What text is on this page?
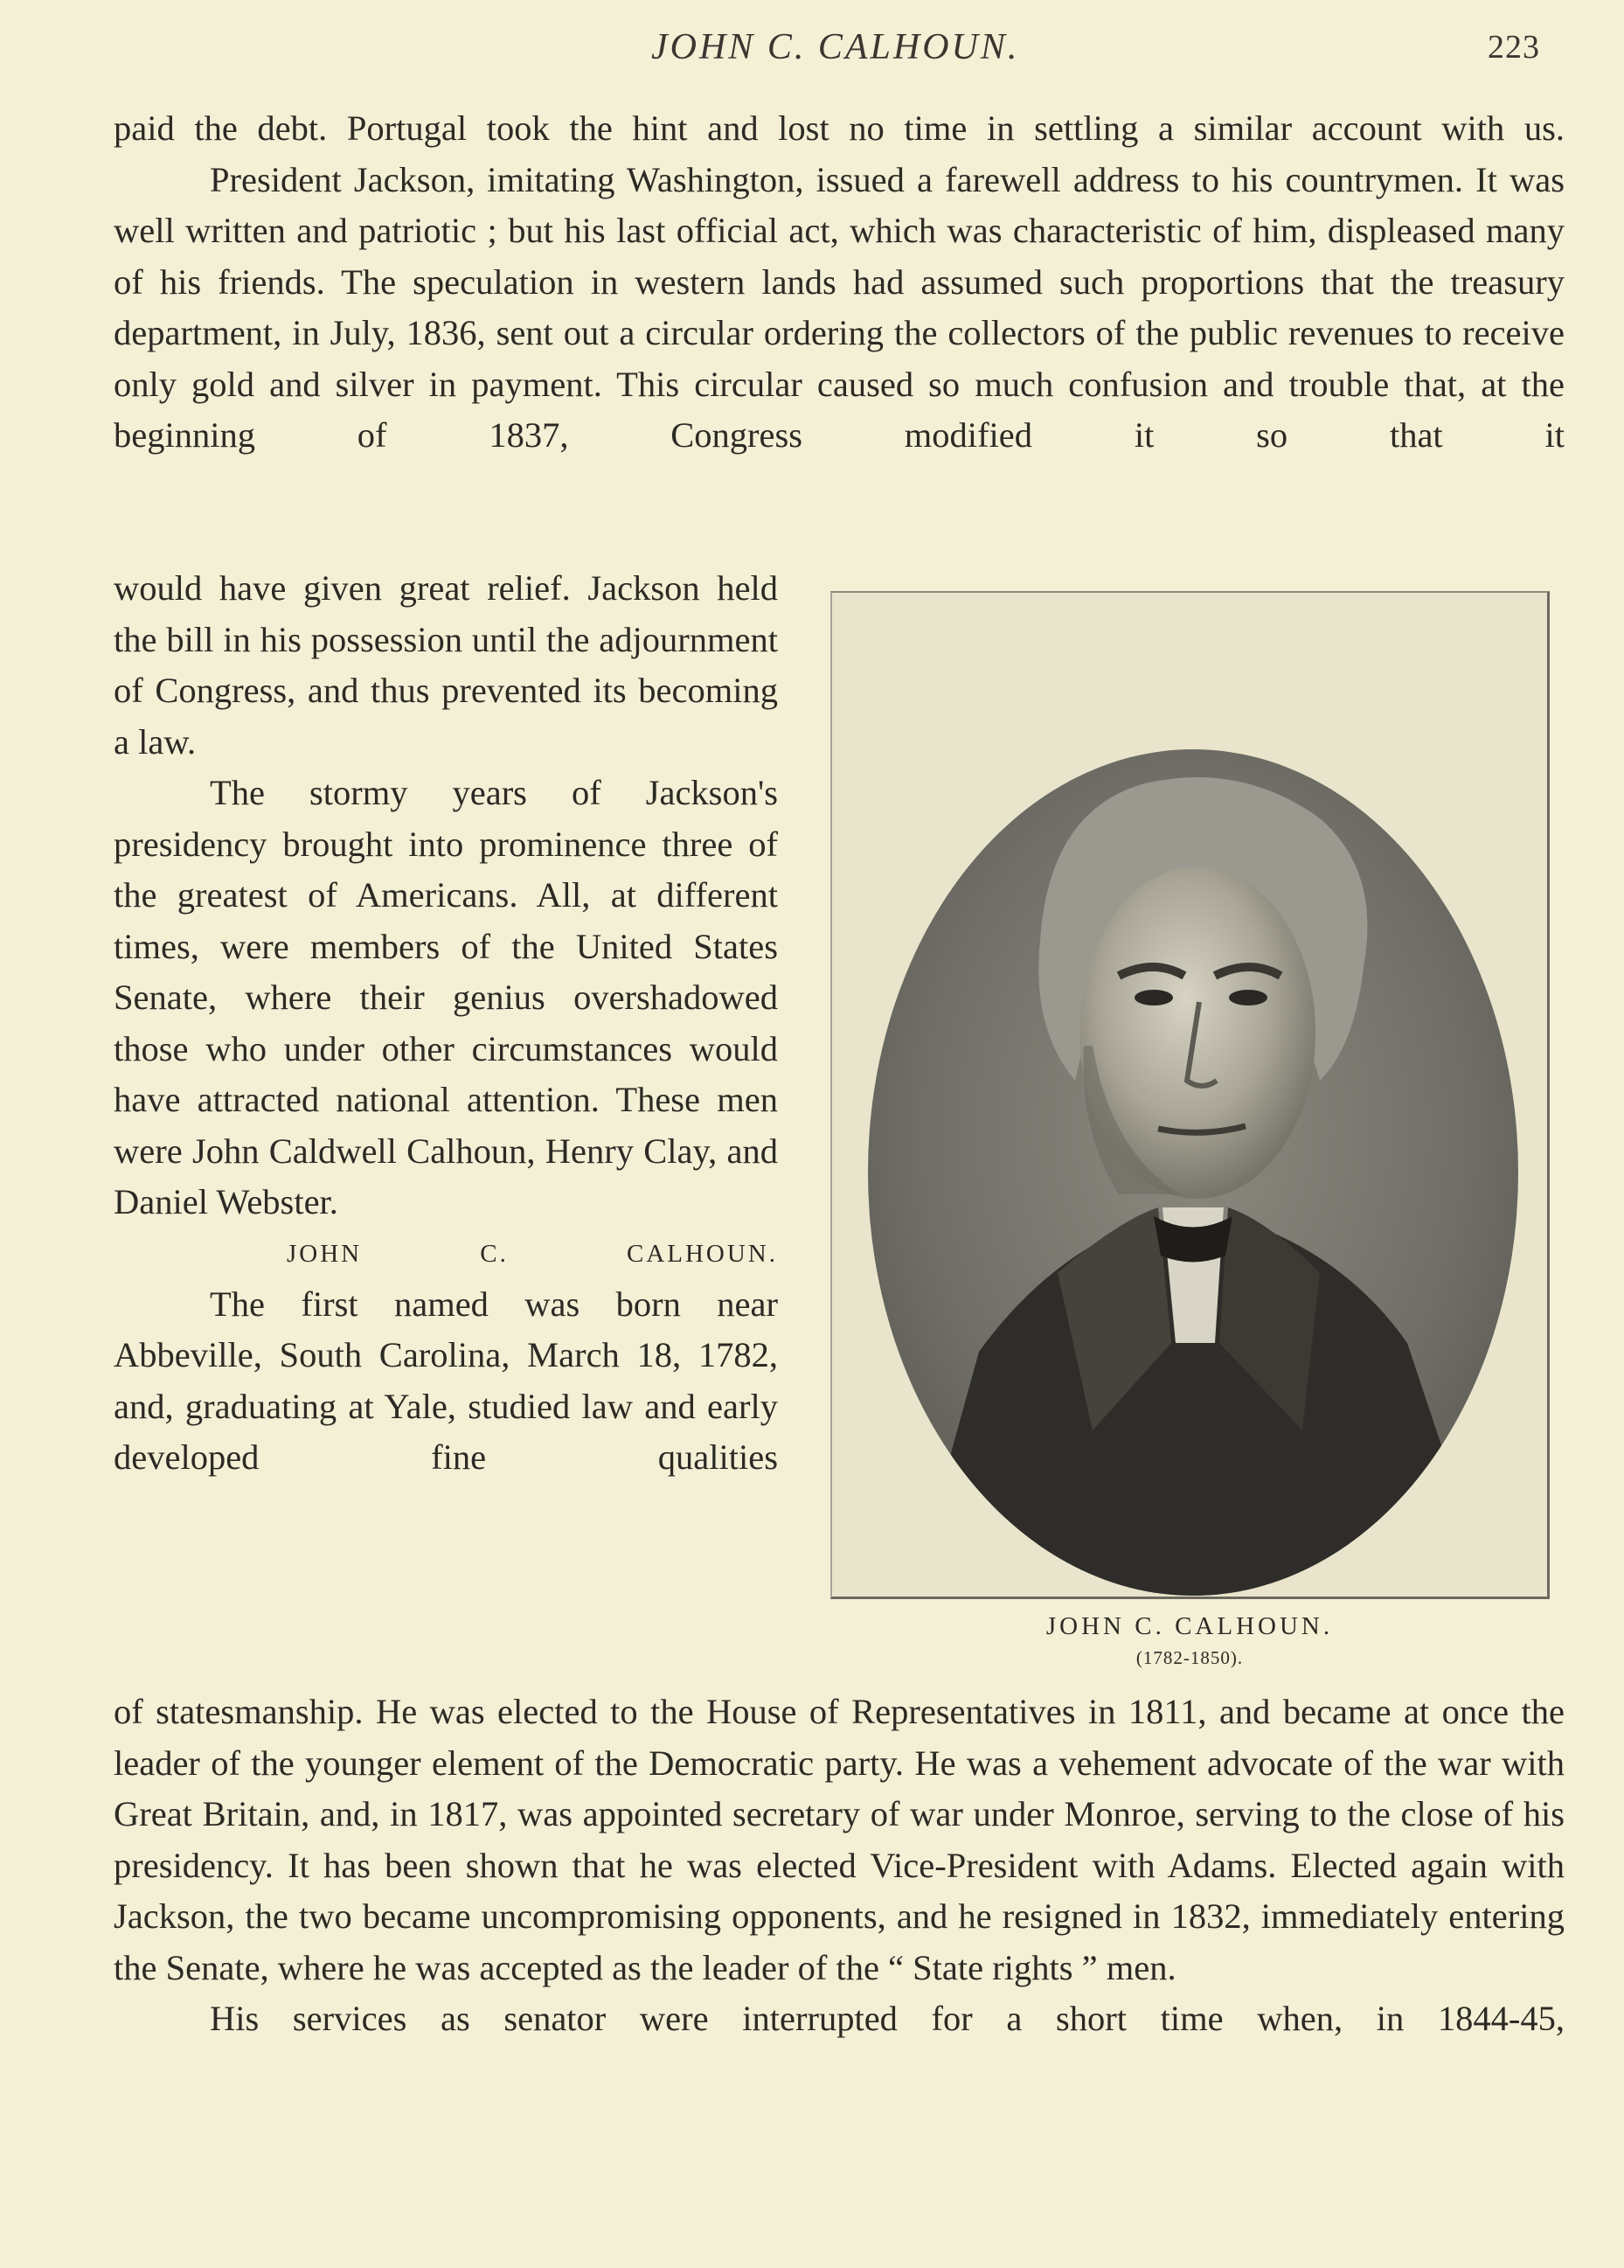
JOHN C. CALHOUN.	223

paid the debt. Portugal took the hint and lost no time in settling a similar account with us.

President Jackson, imitating Washington, issued a farewell address to his countrymen. It was well written and patriotic ; but his last official act, which was characteristic of him, displeased many of his friends. The speculation in western lands had assumed such proportions that the treasury department, in July, 1836, sent out a circular ordering the collectors of the public revenues to receive only gold and silver in payment. This circular caused so much confusion and trouble that, at the beginning of 1837, Congress modified it so that it

would have given great relief. Jackson held the bill in his possession until the adjournment of Congress, and thus prevented its becoming a law.

The stormy years of Jackson's presidency brought into prominence three of the greatest of Americans. All, at different times, were members of the United States Senate, where their genius overshadowed those who under other circumstances would have attracted national attention. These men were John Caldwell Calhoun, Henry Clay, and Daniel Webster.

JOHN C. CALHOUN.

The first named was born near Abbeville, South Carolina, March 18, 1782, and, graduating at Yale, studied law and early developed fine qualities

JOHN C. CALHOUN.
(1782-1850).

of statesmanship. He was elected to the House of Representatives in 1811, and became at once the leader of the younger element of the Democratic party. He was a vehement advocate of the war with Great Britain, and, in 1817, was appointed secretary of war under Monroe, serving to the close of his presidency. It has been shown that he was elected Vice-President with Adams. Elected again with Jackson, the two became uncompromising opponents, and he resigned in 1832, immediately entering the Senate, where he was accepted as the leader of the “ State rights ” men.

His services as senator were interrupted for a short time when, in 1844-45,
